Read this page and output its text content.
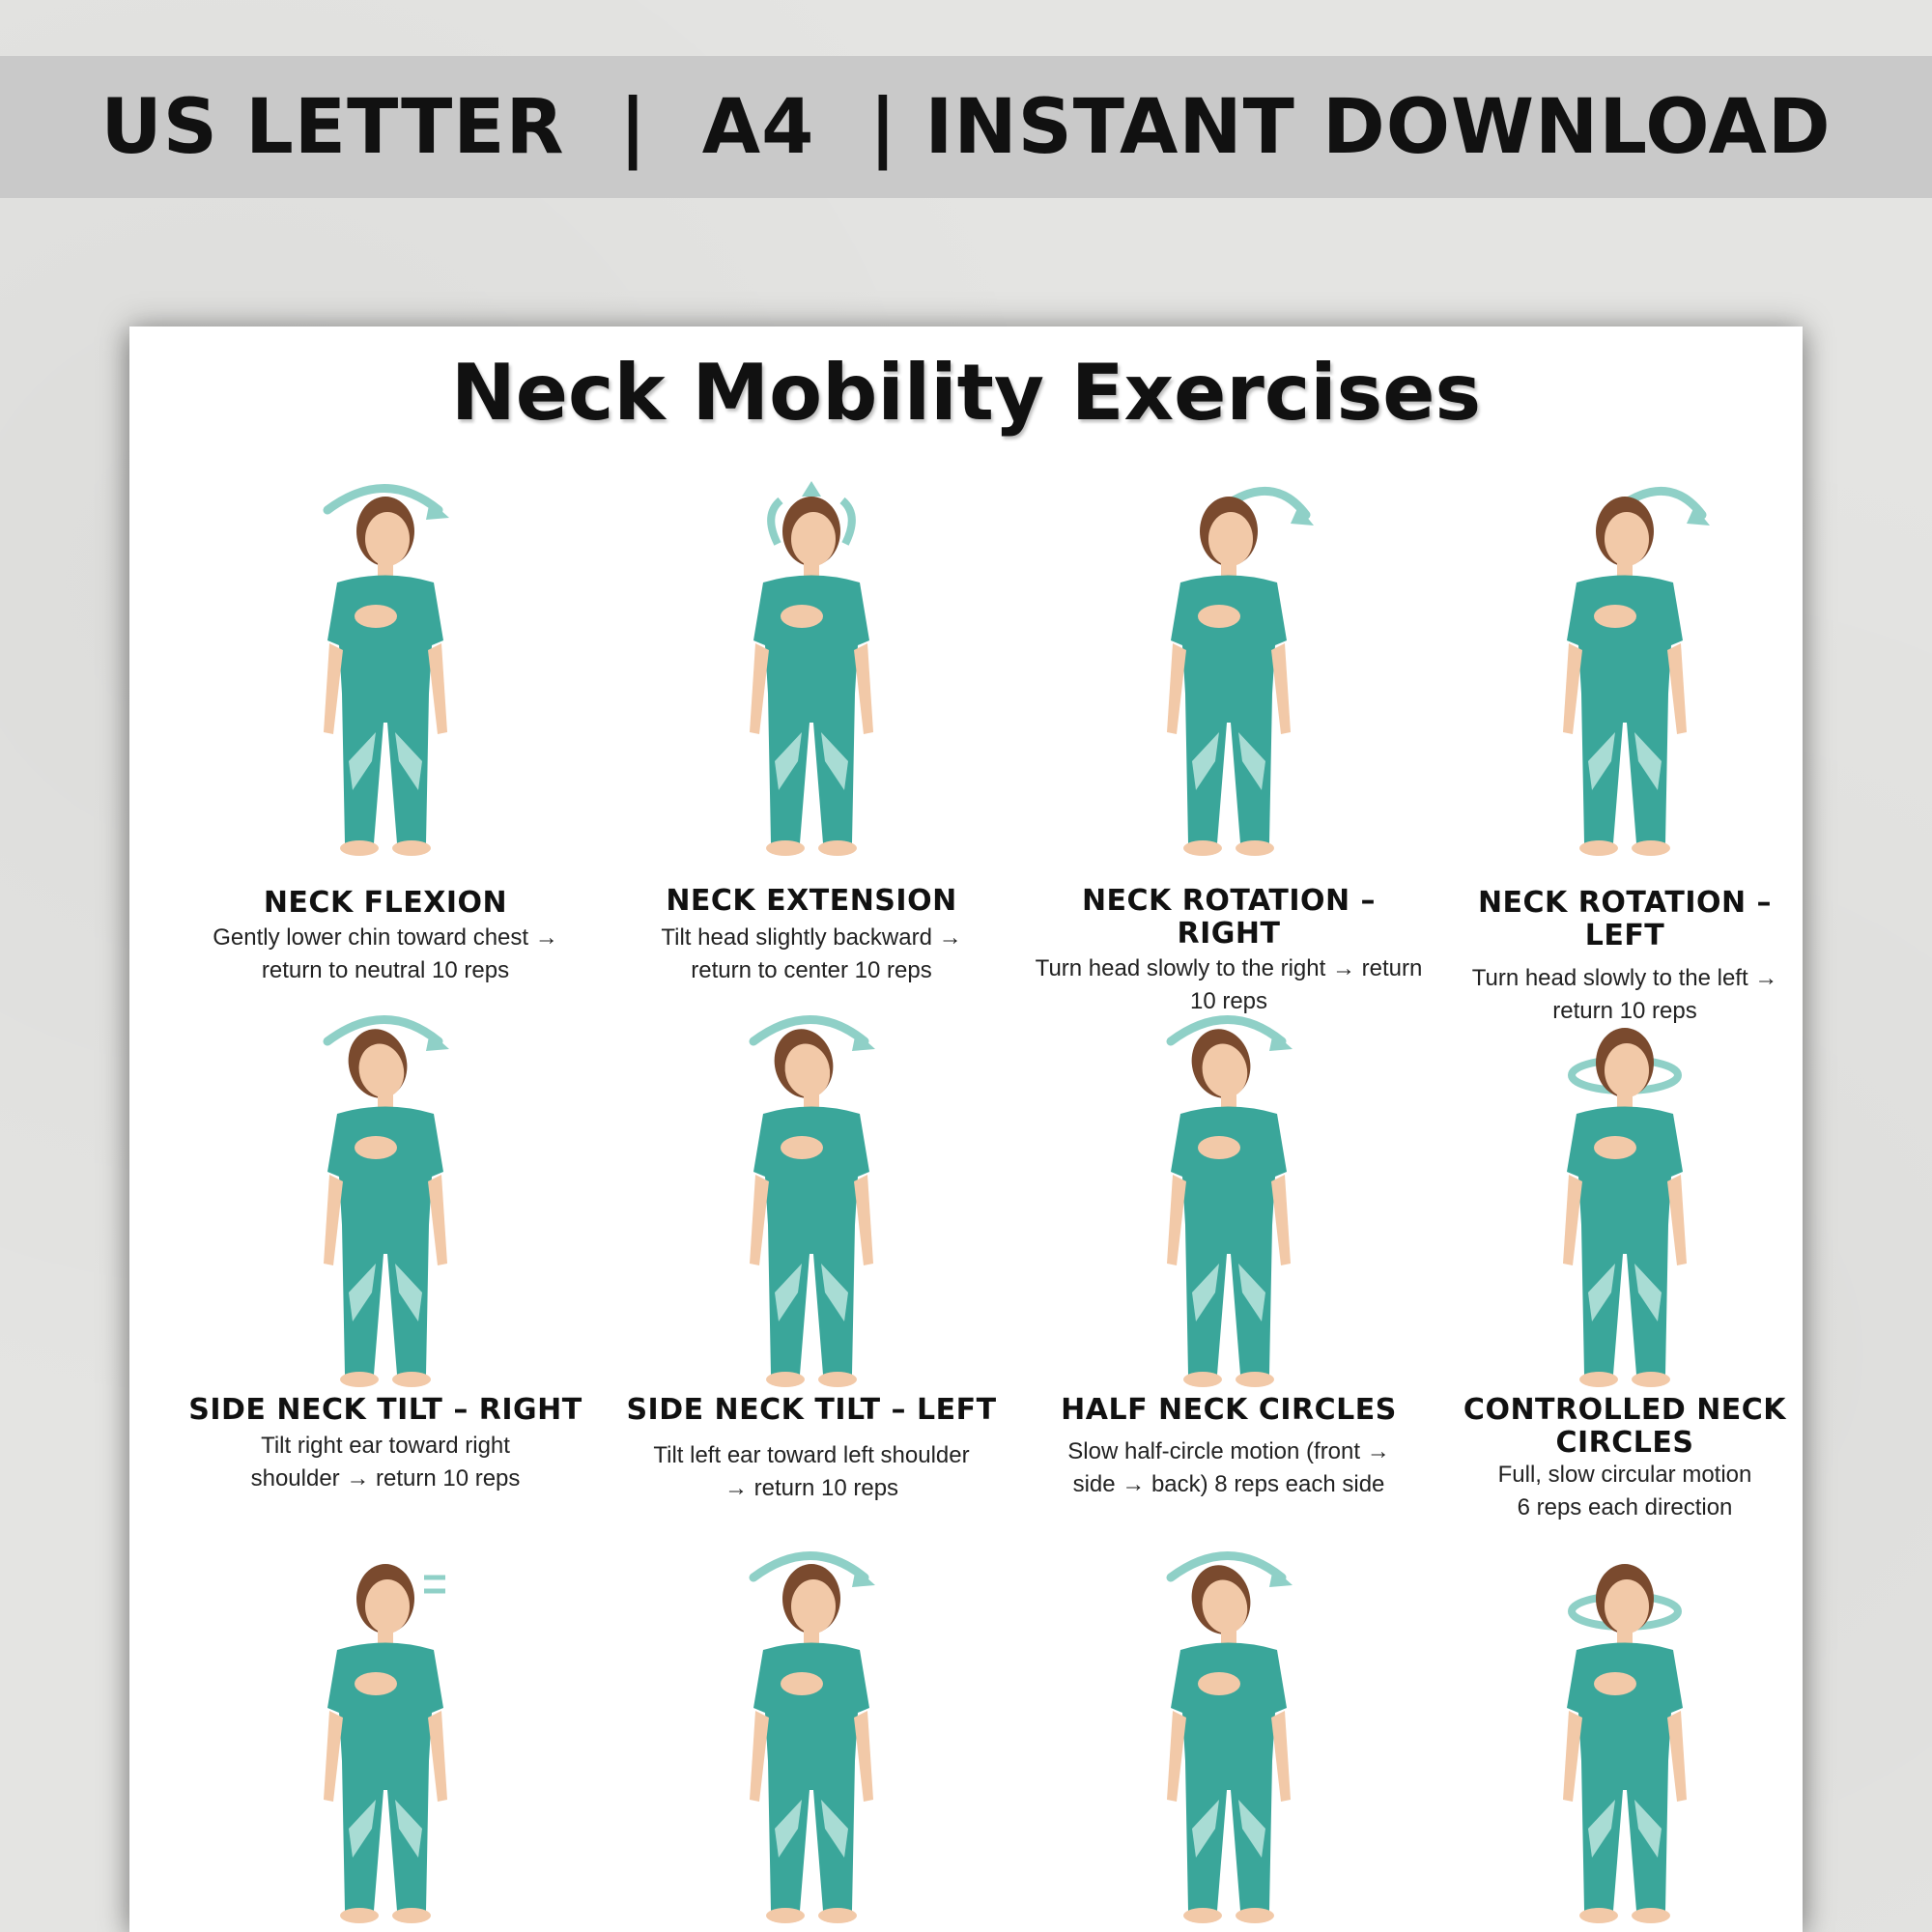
US LETTER  |  A4  | INSTANT DOWNLOAD
Neck Mobility Exercises
NECK FLEXION
Gently lower chin toward chest →
return to neutral 10 reps
NECK EXTENSION
Tilt head slightly backward →
return to center 10 reps
NECK ROTATION –
RIGHT
Turn head slowly to the right → return
10 reps
NECK ROTATION –
LEFT
Turn head slowly to the left →
return 10 reps
SIDE NECK TILT – RIGHT
Tilt right ear toward right
shoulder → return 10 reps
SIDE NECK TILT – LEFT
Tilt left ear toward left shoulder
→ return 10 reps
HALF NECK CIRCLES
Slow half-circle motion (front →
side → back) 8 reps each side
CONTROLLED NECK
CIRCLES
Full, slow circular motion
6 reps each direction
